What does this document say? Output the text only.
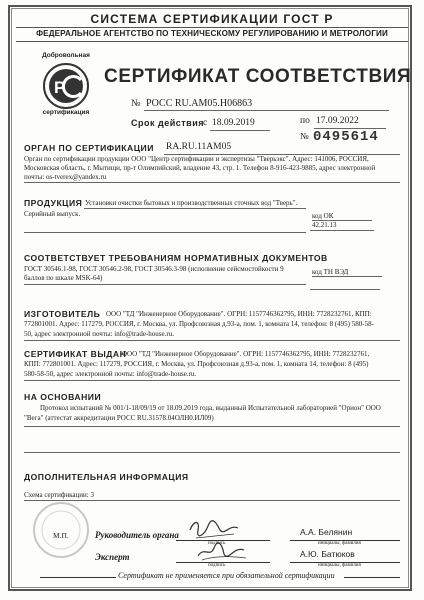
СИСТЕМА СЕРТИФИКАЦИИ ГОСТ Р
ФЕДЕРАЛЬНОЕ АГЕНТСТВО ПО ТЕХНИЧЕСКОМУ РЕГУЛИРОВАНИЮ И МЕТРОЛОГИИ
P
Добровольная
сертификация
СЕРТИФИКАТ СООТВЕТСТВИЯ
№ РОСС RU.АМ05.Н06863
Срок действия с 18.09.2019	по 17.09.2022
№ 0495614
ОРГАН ПО СЕРТИФИКАЦИИ RA.RU.11АМ05
Орган по сертификации продукции ООО "Центр сертификации и экспертизы "Тверьэкс". Адрес: 141006, РОССИЯ,
Московская область, г. Мытищи, пр-т Олимпийский, владение 43, стр. 1. Телефон 8-916-423-9885, адрес электронной
почты: os-tverex@yandex.ru
ПРОДУКЦИЯ Установки очистки бытовых и производственных сточных вод "Тверь".
Серийный выпуск.	код ОК
42.21.13
СООТВЕТСТВУЕТ ТРЕБОВАНИЯМ НОРМАТИВНЫХ ДОКУМЕНТОВ
ГОСТ 30546.1-98, ГОСТ 30546.2-98, ГОСТ 30546.3-98 (исполнение сейсмостойкости 9
баллов по шкале MSK-64)
код ТН ВЭД
ИЗГОТОВИТЕЛЬ ООО "ТД "Инженерное Оборудование". ОГРН: 1157746362795, ИНН: 7728232761, КПП:
772801001. Адрес: 117279, РОССИЯ, г. Москва, ул. Профсоюзная д.93-а, пом. 1, комната 14, телефон: 8 (495) 580-58-
50, адрес электронной почты: info@trade-house.ru.
СЕРТИФИКАТ ВЫДАН
ООО "ТД "Инженерное Оборудование". ОГРН: 1157746362795, ИНН: 7728232761,
КПП: 772801001. Адрес: 117279, РОССИЯ, г. Москва, ул. Профсоюзная д.93-а, пом. 1, комната 14, телефон: 8 (495)
580-58-50, адрес электронной почты: info@trade-house.ru.
НА ОСНОВАНИИ
Протокол испытаний № 001/1-18/09/19 от 18.09.2019 года, выданный Испытательной лабораторией "Орион" ООО
"Вега" (аттестат аккредитации РОСС RU.31578.04ОЛН0.ИЛ09)
ДОПОЛНИТЕЛЬНАЯ ИНФОРМАЦИЯ
Схема сертификации: 3
М.П.	Руководитель органа
подпись
А.А. Белянин
инициалы, фамилия
Эксперт
подпись
А.Ю. Батюков
инициалы, фамилия
Сертификат не применяется при обязательной сертификации
